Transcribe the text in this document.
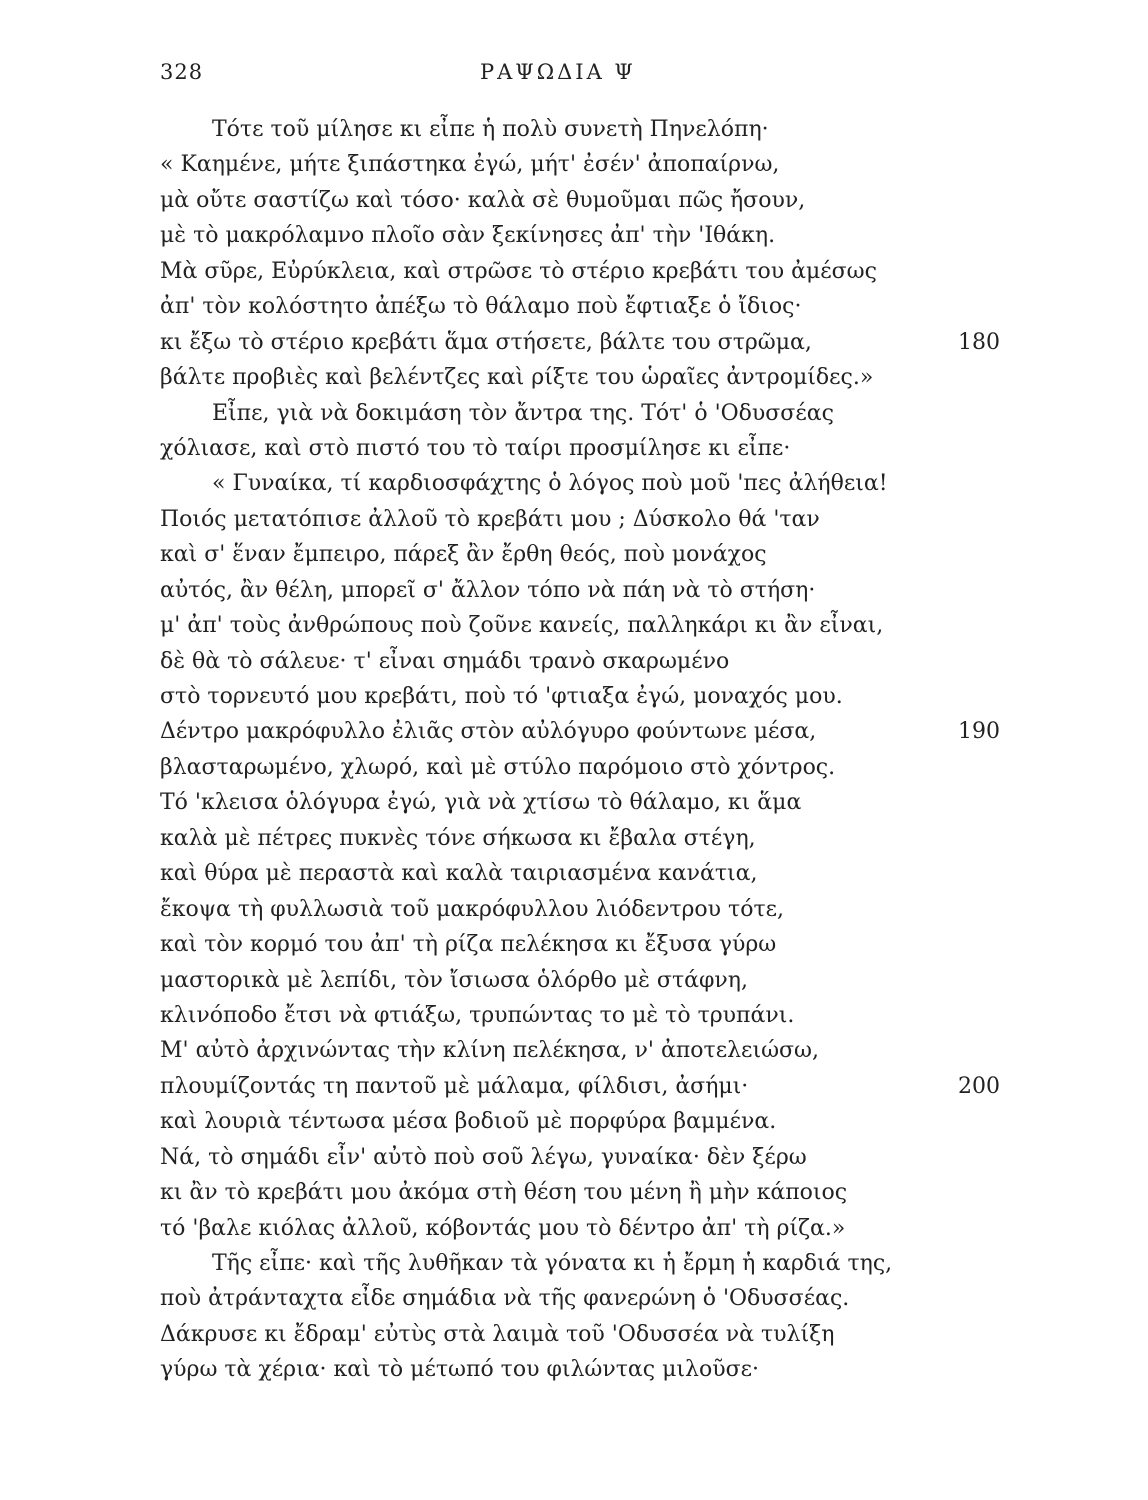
328	ΡΑΨΩΔΙΑ Ψ
Τότε τοῦ μίλησε κι εἶπε ἡ πολὺ συνετὴ Πηνελόπη·
« Καημένε, μήτε ξιπάστηκα ἐγώ, μήτ' ἐσέν' ἀποπαίρνω,
μὰ οὔτε σαστίζω καὶ τόσο· καλὰ σὲ θυμοῦμαι πῶς ἤσουν,
μὲ τὸ μακρόλαμνο πλοῖο σὰν ξεκίνησες ἀπ' τὴν 'Ιθάκη.
Μὰ σῦρε, Εὐρύκλεια, καὶ στρῶσε τὸ στέριο κρεβάτι του ἀμέσως
ἀπ' τὸν κολόστητο ἀπέξω τὸ θάλαμο ποὺ ἔφτιαξε ὁ ἴδιος·
κι ἔξω τὸ στέριο κρεβάτι ἅμα στήσετε, βάλτε του στρῶμα,	180
βάλτε προβιὲς καὶ βελέντζες καὶ ρίξτε του ὡραῖες ἀντρομίδες.»
Εἶπε, γιὰ νὰ δοκιμάση τὸν ἄντρα της. Τότ' ὁ 'Οδυσσέας
χόλιασε, καὶ στὸ πιστό του τὸ ταίρι προσμίλησε κι εἶπε·
« Γυναίκα, τί καρδιοσφάχτης ὁ λόγος ποὺ μοῦ 'πες ἀλήθεια!
Ποιός μετατόπισε ἀλλοῦ τὸ κρεβάτι μου ; Δύσκολο θά 'ταν
καὶ σ' ἕναν ἔμπειρο, πάρεξ ἂν ἔρθη θεός, ποὺ μονάχος
αὐτός, ἂν θέλη, μπορεῖ σ' ἄλλον τόπο νὰ πάη νὰ τὸ στήση·
μ' ἀπ' τοὺς ἀνθρώπους ποὺ ζοῦνε κανείς, παλληκάρι κι ἂν εἶναι,
δὲ θὰ τὸ σάλευε· τ' εἶναι σημάδι τρανὸ σκαρωμένο
στὸ τορνευτό μου κρεβάτι, ποὺ τό 'φτιαξα ἐγώ, μοναχός μου.
Δέντρο μακρόφυλλο ἐλιᾶς στὸν αὐλόγυρο φούντωνε μέσα,	190
βλασταρωμένο, χλωρό, καὶ μὲ στύλο παρόμοιο στὸ χόντρος.
Τό 'κλεισα ὁλόγυρα ἐγώ, γιὰ νὰ χτίσω τὸ θάλαμο, κι ἅμα
καλὰ μὲ πέτρες πυκνὲς τόνε σήκωσα κι ἔβαλα στέγη,
καὶ θύρα μὲ περαστὰ καὶ καλὰ ταιριασμένα κανάτια,
ἔκοψα τὴ φυλλωσιὰ τοῦ μακρόφυλλου λιόδεντρου τότε,
καὶ τὸν κορμό του ἀπ' τὴ ρίζα πελέκησα κι ἔξυσα γύρω
μαστορικὰ μὲ λεπίδι, τὸν ἴσιωσα ὁλόρθο μὲ στάφνη,
κλινόποδο ἔτσι νὰ φτιάξω, τρυπώντας το μὲ τὸ τρυπάνι.
Μ' αὐτὸ ἀρχινώντας τὴν κλίνη πελέκησα, ν' ἀποτελειώσω,
πλουμίζοντάς τη παντοῦ μὲ μάλαμα, φίλδισι, ἀσήμι·	200
καὶ λουριὰ τέντωσα μέσα βοδιοῦ μὲ πορφύρα βαμμένα.
Νά, τὸ σημάδι εἶν' αὐτὸ ποὺ σοῦ λέγω, γυναίκα· δὲν ξέρω
κι ἂν τὸ κρεβάτι μου ἀκόμα στὴ θέση του μένη ἢ μὴν κάποιος
τό 'βαλε κιόλας ἀλλοῦ, κόβοντάς μου τὸ δέντρο ἀπ' τὴ ρίζα.»
Τῆς εἶπε· καὶ τῆς λυθῆκαν τὰ γόνατα κι ἡ ἔρμη ἡ καρδιά της,
ποὺ ἀτράνταχτα εἶδε σημάδια νὰ τῆς φανερώνη ὁ 'Οδυσσέας.
Δάκρυσε κι ἔδραμ' εὐτὺς στὰ λαιμὰ τοῦ 'Οδυσσέα νὰ τυλίξη
γύρω τὰ χέρια· καὶ τὸ μέτωπό του φιλώντας μιλοῦσε·
